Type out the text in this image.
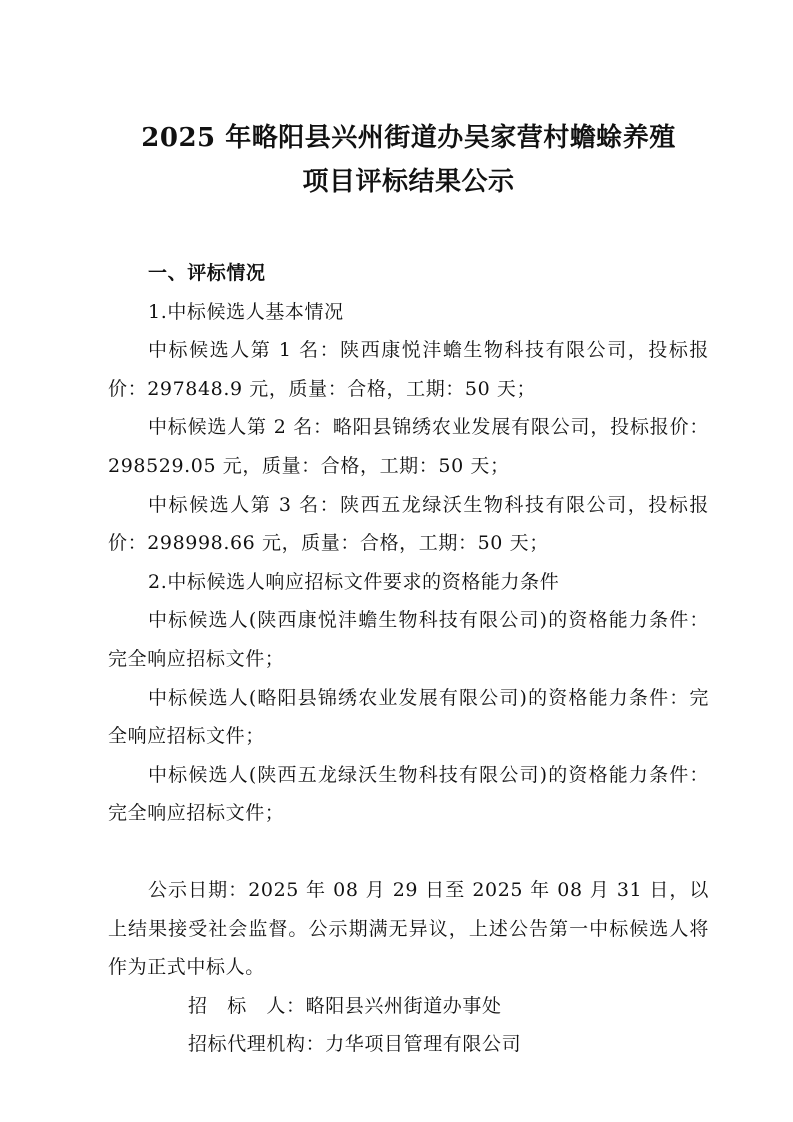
2025 年略阳县兴州街道办吴家营村蟾蜍养殖
项目评标结果公示

一、评标情况

1.中标候选人基本情况

中标候选人第 1 名：陕西康悦沣蟾生物科技有限公司，投标报价：297848.9 元，质量：合格，工期：50 天；

中标候选人第 2 名：略阳县锦绣农业发展有限公司，投标报价：298529.05 元，质量：合格，工期：50 天；

中标候选人第 3 名：陕西五龙绿沃生物科技有限公司，投标报价：298998.66 元，质量：合格，工期：50 天；

2.中标候选人响应招标文件要求的资格能力条件

中标候选人(陕西康悦沣蟾生物科技有限公司)的资格能力条件：完全响应招标文件；

中标候选人(略阳县锦绣农业发展有限公司)的资格能力条件：完全响应招标文件；

中标候选人(陕西五龙绿沃生物科技有限公司)的资格能力条件：完全响应招标文件；

公示日期：2025 年 08 月 29 日至 2025 年 08 月 31 日，以上结果接受社会监督。公示期满无异议，上述公告第一中标候选人将作为正式中标人。

招　标　人：略阳县兴州街道办事处

招标代理机构：力华项目管理有限公司
